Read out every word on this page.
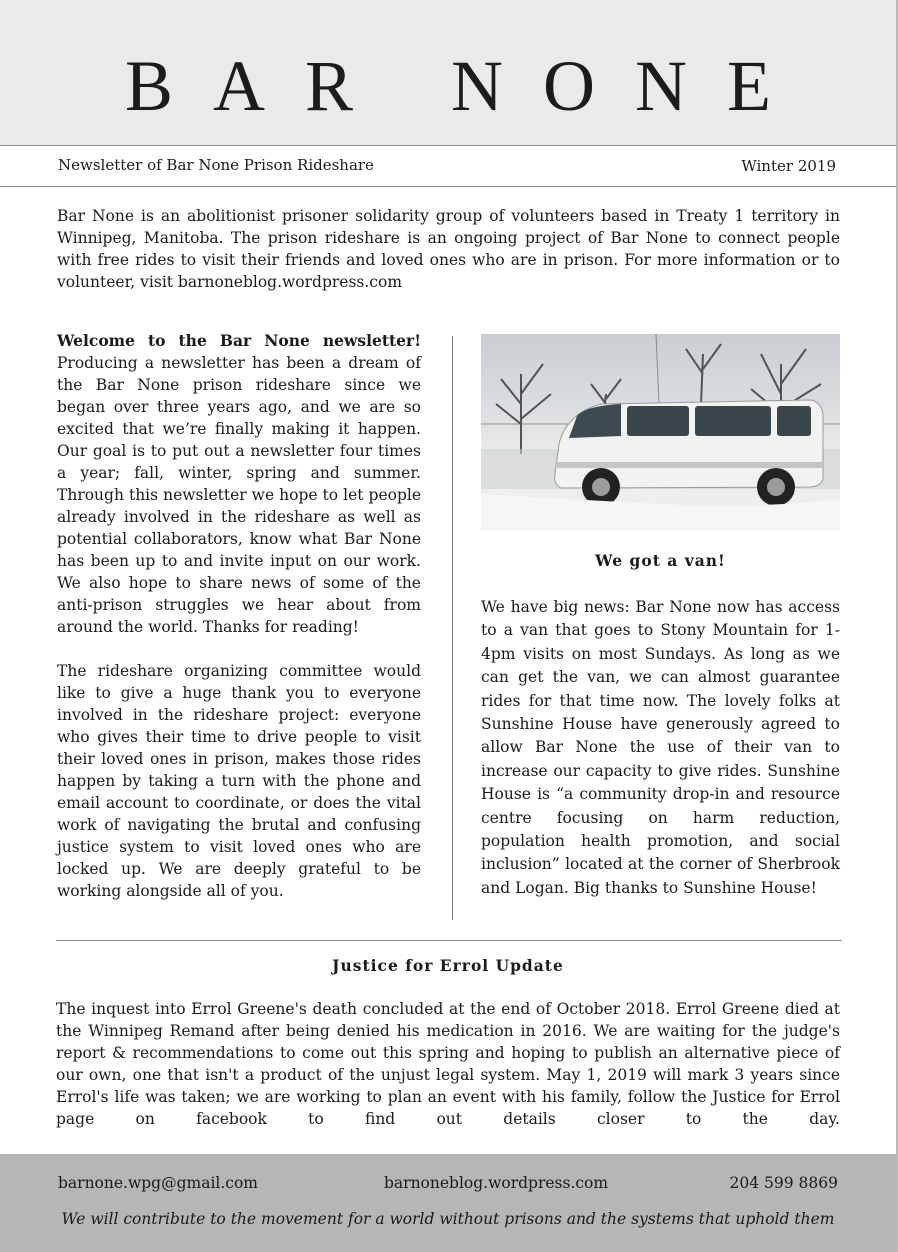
BAR NONE
Newsletter of Bar None Prison Rideshare	Winter 2019
Bar None is an abolitionist prisoner solidarity group of volunteers based in Treaty 1 territory in Winnipeg, Manitoba. The prison rideshare is an ongoing project of Bar None to connect people with free rides to visit their friends and loved ones who are in prison. For more information or to volunteer, visit barnoneblog.wordpress.com

Welcome to the Bar None newsletter! Producing a newsletter has been a dream of the Bar None prison rideshare since we began over three years ago, and we are so excited that we’re finally making it happen. Our goal is to put out a newsletter four times a year; fall, winter, spring and summer. Through this newsletter we hope to let people already involved in the rideshare as well as potential collaborators, know what Bar None has been up to and invite input on our work. We also hope to share news of some of the anti-prison struggles we hear about from around the world. Thanks for reading!

The rideshare organizing committee would like to give a huge thank you to everyone involved in the rideshare project: everyone who gives their time to drive people to visit their loved ones in prison, makes those rides happen by taking a turn with the phone and email account to coordinate, or does the vital work of navigating the brutal and confusing justice system to visit loved ones who are locked up. We are deeply grateful to be working alongside all of you.

We got a van!
We have big news: Bar None now has access to a van that goes to Stony Mountain for 1-4pm visits on most Sundays. As long as we can get the van, we can almost guarantee rides for that time now. The lovely folks at Sunshine House have generously agreed to allow Bar None the use of their van to increase our capacity to give rides. Sunshine House is “a community drop-in and resource centre focusing on harm reduction, population health promotion, and social inclusion” located at the corner of Sherbrook and Logan. Big thanks to Sunshine House!
Justice for Errol Update
The inquest into Errol Greene's death concluded at the end of October 2018. Errol Greene died at the Winnipeg Remand after being denied his medication in 2016. We are waiting for the judge's report & recommendations to come out this spring and hoping to publish an alternative piece of our own, one that isn't a product of the unjust legal system. May 1, 2019 will mark 3 years since Errol's life was taken; we are working to plan an event with his family, follow the Justice for Errol page on facebook to find out details closer to the day.
barnone.wpg@gmail.com	barnoneblog.wordpress.com	204 599 8869
We will contribute to the movement for a world without prisons and the systems that uphold them
